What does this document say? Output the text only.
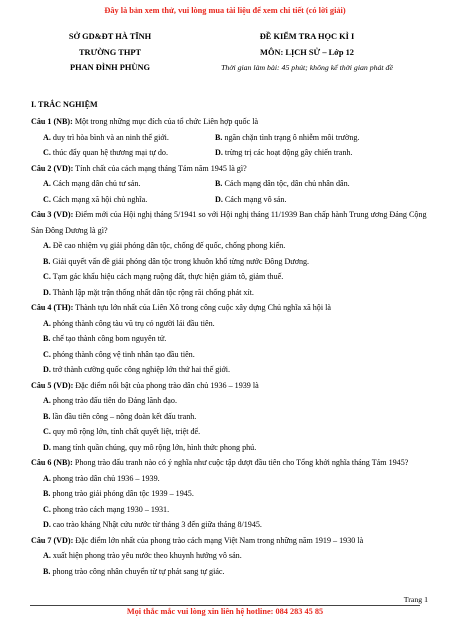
Đây là bản xem thử, vui lòng mua tài liệu để xem chi tiết (có lời giải)
SỞ GD&ĐT HÀ TĨNH
TRƯỜNG THPT
PHAN ĐÌNH PHÙNG
ĐỀ KIỂM TRA HỌC KÌ I
MÔN: LỊCH SỬ – Lớp 12
Thời gian làm bài: 45 phút; không kể thời gian phát đề
I. TRẮC NGHIỆM
Câu 1 (NB): Một trong những mục đích của tổ chức Liên hợp quốc là
A. duy trì hòa bình và an ninh thế giới.	B. ngăn chặn tình trạng ô nhiễm môi trường.
C. thúc đẩy quan hệ thương mại tự do.	D. trừng trị các hoạt động gây chiến tranh.
Câu 2 (VD): Tính chất của cách mạng tháng Tám năm 1945 là gì?
A. Cách mạng dân chủ tư sản.	B. Cách mạng dân tộc, dân chủ nhân dân.
C. Cách mạng xã hội chủ nghĩa.	D. Cách mạng vô sản.
Câu 3 (VD): Điểm mới của Hội nghị tháng 5/1941 so với Hội nghị tháng 11/1939 Ban chấp hành Trung ương Đảng Cộng Sản Đông Dương là gì?
A. Đề cao nhiệm vụ giải phóng dân tộc, chống đế quốc, chống phong kiến.
B. Giải quyết vấn đề giải phóng dân tộc trong khuôn khổ từng nước Đông Dương.
C. Tạm gác khẩu hiệu cách mạng ruộng đất, thực hiện giảm tô, giảm thuế.
D. Thành lập mặt trận thống nhất dân tộc rộng rãi chống phát xít.
Câu 4 (TH): Thành tựu lớn nhất của Liên Xô trong công cuộc xây dựng Chủ nghĩa xã hội là
A. phóng thành công tàu vũ trụ có người lái đầu tiên.
B. chế tạo thành công bom nguyên tử.
C. phóng thành công vệ tinh nhân tạo đầu tiên.
D. trở thành cường quốc công nghiệp lớn thứ hai thế giới.
Câu 5 (VD): Đặc điểm nổi bật của phong trào dân chủ 1936 – 1939 là
A. phong trào đấu tiên do Đảng lãnh đạo.
B. lần đầu tiên công – nông đoàn kết đấu tranh.
C. quy mô rộng lớn, tính chất quyết liệt, triệt để.
D. mang tính quần chúng, quy mô rộng lớn, hình thức phong phú.
Câu 6 (NB): Phong trào đấu tranh nào có ý nghĩa như cuộc tập dượt đầu tiên cho Tổng khởi nghĩa tháng Tám 1945?
A. phong trào dân chủ 1936 – 1939.
B. phong trào giải phóng dân tộc 1939 – 1945.
C. phong trào cách mạng 1930 – 1931.
D. cao trào kháng Nhật cứu nước từ tháng 3 đến giữa tháng 8/1945.
Câu 7 (VD): Đặc điểm lớn nhất của phong trào cách mạng Việt Nam trong những năm 1919 – 1930 là
A. xuất hiện phong trào yêu nước theo khuynh hướng vô sản.
B. phong trào công nhân chuyển từ tự phát sang tự giác.
Trang 1
Mọi thắc mắc vui lòng xin liên hệ hotline: 084 283 45 85
